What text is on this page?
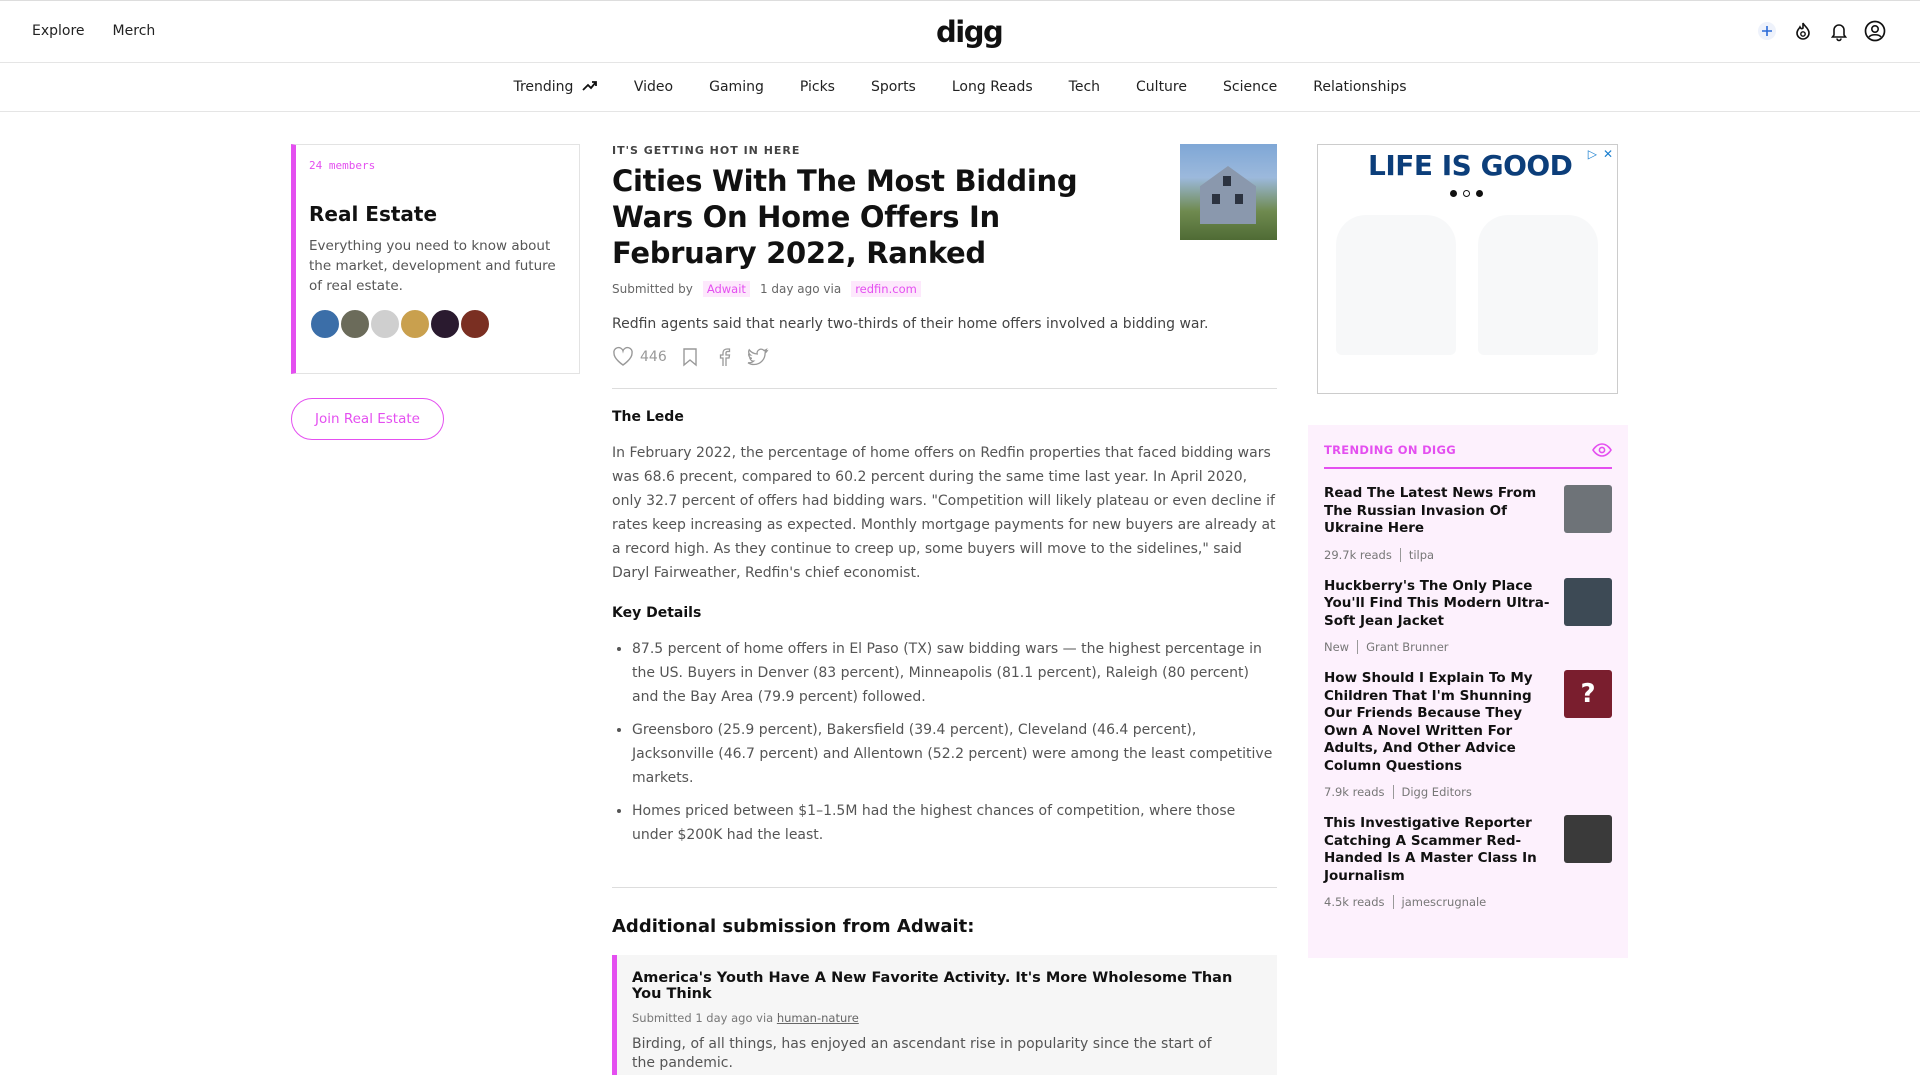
Explore Merch	digg
Trending	Video	Gaming	Picks	Sports	Long Reads	Tech	Culture	Science	Relationships
24 members
Real Estate
Everything you need to know about the market, development and future of real estate.
Join Real Estate
IT'S GETTING HOT IN HERE
Cities With The Most Bidding Wars On Home Offers In February 2022, Ranked
Submitted by	Adwait	1 day ago via	redfin.com
Redfin agents said that nearly two-thirds of their home offers involved a bidding war.
446
The Lede
In February 2022, the percentage of home offers on Redfin properties that faced bidding wars was 68.6 precent, compared to 60.2 percent during the same time last year. In April 2020, only 32.7 percent of offers had bidding wars. "Competition will likely plateau or even decline if rates keep increasing as expected. Monthly mortgage payments for new buyers are already at a record high. As they continue to creep up, some buyers will move to the sidelines," said Daryl Fairweather, Redfin's chief economist.
Key Details
• 87.5 percent of home offers in El Paso (TX) saw bidding wars — the highest percentage in the US. Buyers in Denver (83 percent), Minneapolis (81.1 percent), Raleigh (80 percent) and the Bay Area (79.9 percent) followed.
• Greensboro (25.9 percent), Bakersfield (39.4 percent), Cleveland (46.4 percent), Jacksonville (46.7 percent) and Allentown (52.2 percent) were among the least competitive markets.
• Homes priced between $1–1.5M had the highest chances of competition, where those under $200K had the least.
Additional submission from Adwait:
America's Youth Have A New Favorite Activity. It's More Wholesome Than You Think
Submitted 1 day ago via human-nature
Birding, of all things, has enjoyed an ascendant rise in popularity since the start of the pandemic.
LIFE IS GOOD ▷ ✕
TRENDING ON DIGG
Read The Latest News From The Russian Invasion Of Ukraine Here
29.7k reads tilpa
Huckberry's The Only Place You'll Find This Modern Ultra-Soft Jean Jacket
New Grant Brunner
How Should I Explain To My Children That I'm Shunning Our Friends Because They Own A Novel Written For Adults, And Other Advice Column Questions
7.9k reads Digg Editors
?
This Investigative Reporter Catching A Scammer Red-Handed Is A Master Class In Journalism
4.5k reads jamescrugnale
